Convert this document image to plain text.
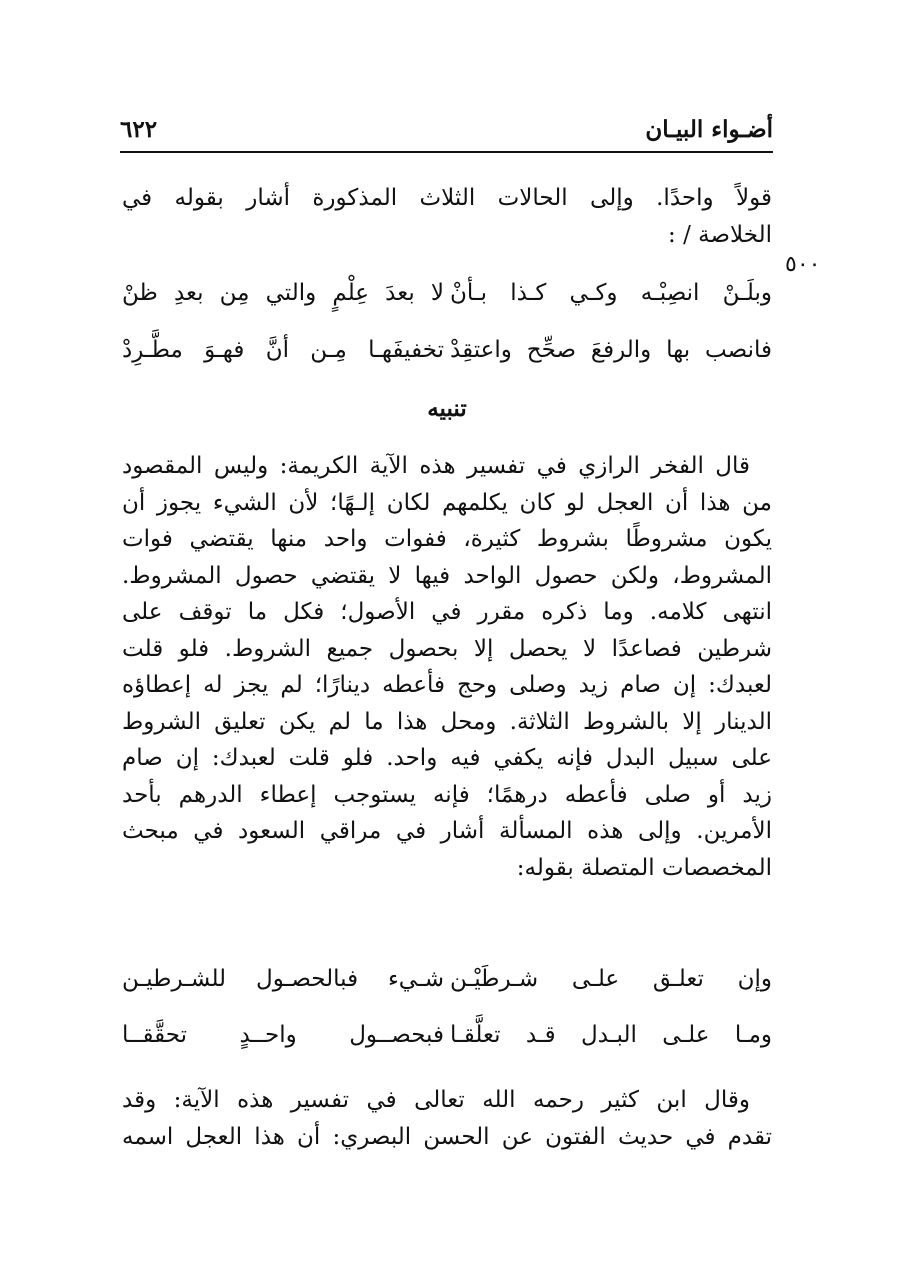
أضـواء البيـان
٦٢٢
٥٠٠
قولاً واحدًا. وإلى الحالات الثلاث المذكورة أشار بقوله في
الخلاصة / :
وبلَـنْ انصِبْـه وكـي كـذا بـأنْ
لا بعدَ عِلْمٍ والتي مِن بعدِ ظنْ
فانصب بها والرفعَ صحِّح واعتقِدْ
تخفيفَهـا مِـن أنَّ فهـوَ مطَّـرِدْ
تنبيه
قال الفخر الرازي في تفسير هذه الآية الكريمة: وليس المقصود
من هذا أن العجل لو كان يكلمهم لكان إلـهًا؛ لأن الشيء يجوز أن
يكون مشروطًا بشروط كثيرة، ففوات واحد منها يقتضي فوات
المشروط، ولكن حصول الواحد فيها لا يقتضي حصول المشروط.
انتهى كلامه. وما ذكره مقرر في الأصول؛ فكل ما توقف على
شرطين فصاعدًا لا يحصل إلا بحصول جميع الشروط. فلو قلت
لعبدك: إن صام زيد وصلى وحج فأعطه دينارًا؛ لم يجز له إعطاؤه
الدينار إلا بالشروط الثلاثة. ومحل هذا ما لم يكن تعليق الشروط
على سبيل البدل فإنه يكفي فيه واحد. فلو قلت لعبدك: إن صام
زيد أو صلى فأعطه درهمًا؛ فإنه يستوجب إعطاء الدرهم بأحد
الأمرين. وإلى هذه المسألة أشار في مراقي السعود في مبحث
المخصصات المتصلة بقوله:
وإن تعلـق علـى شـرطَيْـن
شـيء فبالحصـول للشـرطيـن
ومـا علـى البـدل قـد تعلَّقـا
فبحصــول واحــدٍ تحقَّقــا
وقال ابن كثير رحمه الله تعالى في تفسير هذه الآية: وقد
تقدم في حديث الفتون عن الحسن البصري: أن هذا العجل اسمه
